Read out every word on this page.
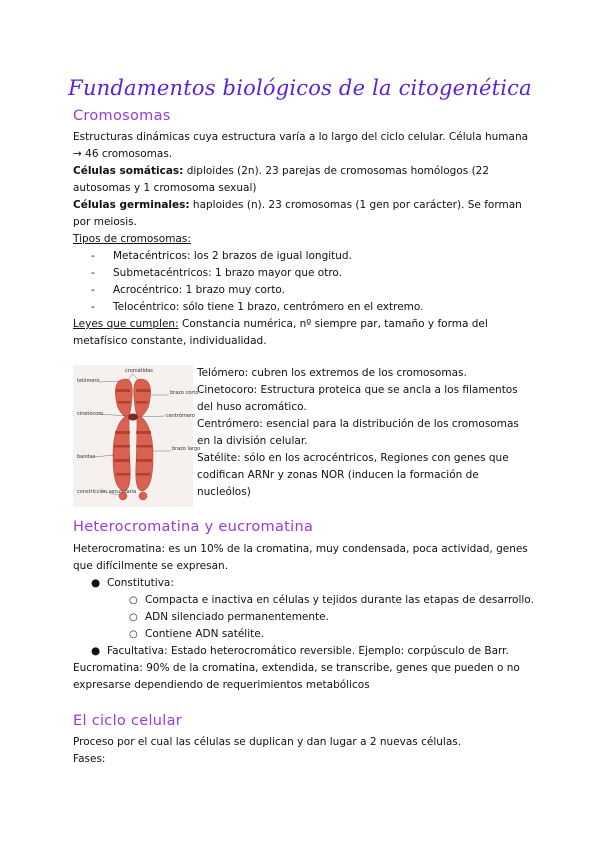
Fundamentos biológicos de la citogenética
Cromosomas
Estructuras dinámicas cuya estructura varía a lo largo del ciclo celular. Célula humana → 46 cromosomas.
Células somáticas: diploides (2n). 23 parejas de cromosomas homólogos (22 autosomas y 1 cromosoma sexual)
Células germinales: haploides (n). 23 cromosomas (1 gen por carácter). Se forman por meiosis.
Tipos de cromosomas:
- Metacéntricos: los 2 brazos de igual longitud.
- Submetacéntricos: 1 brazo mayor que otro.
- Acrocéntrico: 1 brazo muy corto.
- Telocéntrico: sólo tiene 1 brazo, centrómero en el extremo.
Leyes que cumplen: Constancia numérica, nº siempre par, tamaño y forma del metafísico constante, individualidad.
telómero
cromátidas
brazo corto
cinetocoro	centrómero
brazo largo
bandas
constricción secundaria
Telómero: cubren los extremos de los cromosomas.
Cinetocoro: Estructura proteica que se ancla a los filamentos del huso acromático.
Centrómero: esencial para la distribución de los cromosomas en la división celular.
Satélite: sólo en los acrocéntricos, Regiones con genes que codifican ARNr y zonas NOR (inducen la formación de nucleólos)
Heterocromatina y eucromatina
Heterocromatina: es un 10% de la cromatina, muy condensada, poca actividad, genes que difícilmente se expresan.
● Constitutiva:
○ Compacta e inactiva en células y tejidos durante las etapas de desarrollo.
○ ADN silenciado permanentemente.
○ Contiene ADN satélite.
● Facultativa: Estado heterocromático reversible. Ejemplo: corpúsculo de Barr.
Eucromatina: 90% de la cromatina, extendida, se transcribe, genes que pueden o no expresarse dependiendo de requerimientos metabólicos
El ciclo celular
Proceso por el cual las células se duplican y dan lugar a 2 nuevas células.
Fases:
